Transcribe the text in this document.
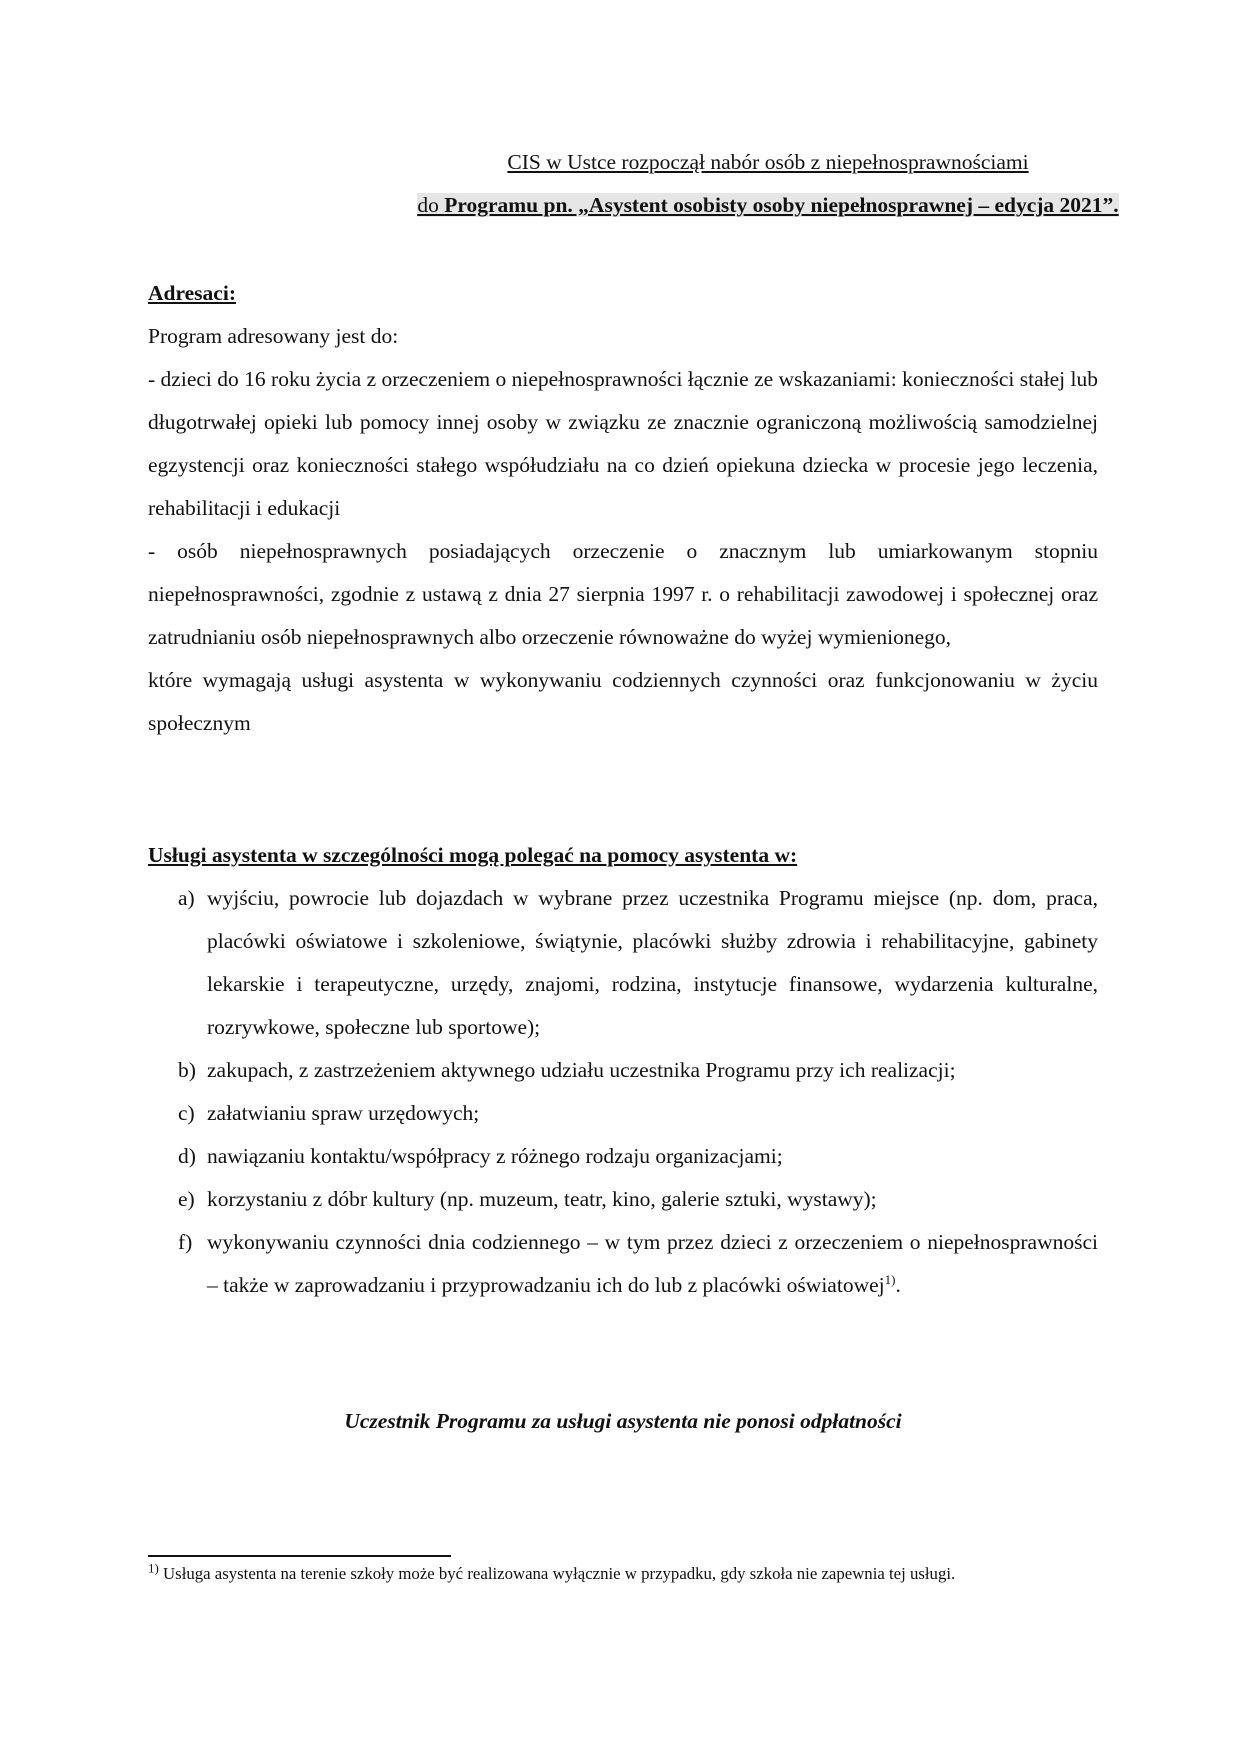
CIS w Ustce rozpoczął nabór osób z niepełnosprawnościami
do Programu pn. „Asystent osobisty osoby niepełnosprawnej – edycja 2021”.
Adresaci:
Program adresowany jest do:
- dzieci do 16 roku życia z orzeczeniem o niepełnosprawności łącznie ze wskazaniami: konieczności stałej lub długotrwałej opieki lub pomocy innej osoby w związku ze znacznie ograniczoną możliwością samodzielnej egzystencji oraz konieczności stałego współudziału na co dzień opiekuna dziecka w procesie jego leczenia, rehabilitacji i edukacji
- osób niepełnosprawnych posiadających orzeczenie o znacznym lub umiarkowanym stopniu niepełnosprawności, zgodnie z ustawą z dnia 27 sierpnia 1997 r. o rehabilitacji zawodowej i społecznej oraz zatrudnianiu osób niepełnosprawnych albo orzeczenie równoważne do wyżej wymienionego,
które wymagają usługi asystenta w wykonywaniu codziennych czynności oraz funkcjonowaniu w życiu społecznym
Usługi asystenta w szczególności mogą polegać na pomocy asystenta w:
a) wyjściu, powrocie lub dojazdach w wybrane przez uczestnika Programu miejsce (np. dom, praca, placówki oświatowe i szkoleniowe, świątynie, placówki służby zdrowia i rehabilitacyjne, gabinety lekarskie i terapeutyczne, urzędy, znajomi, rodzina, instytucje finansowe, wydarzenia kulturalne, rozrywkowe, społeczne lub sportowe);
b) zakupach, z zastrzeżeniem aktywnego udziału uczestnika Programu przy ich realizacji;
c) załatwianiu spraw urzędowych;
d) nawiązaniu kontaktu/współpracy z różnego rodzaju organizacjami;
e) korzystaniu z dóbr kultury (np. muzeum, teatr, kino, galerie sztuki, wystawy);
f) wykonywaniu czynności dnia codziennego – w tym przez dzieci z orzeczeniem o niepełnosprawności – także w zaprowadzaniu i przyprowadzaniu ich do lub z placówki oświatowej$^{1)}$.
Uczestnik Programu za usługi asystenta nie ponosi odpłatności
$^{1)}$ Usługa asystenta na terenie szkoły może być realizowana wyłącznie w przypadku, gdy szkoła nie zapewnia tej usługi.
